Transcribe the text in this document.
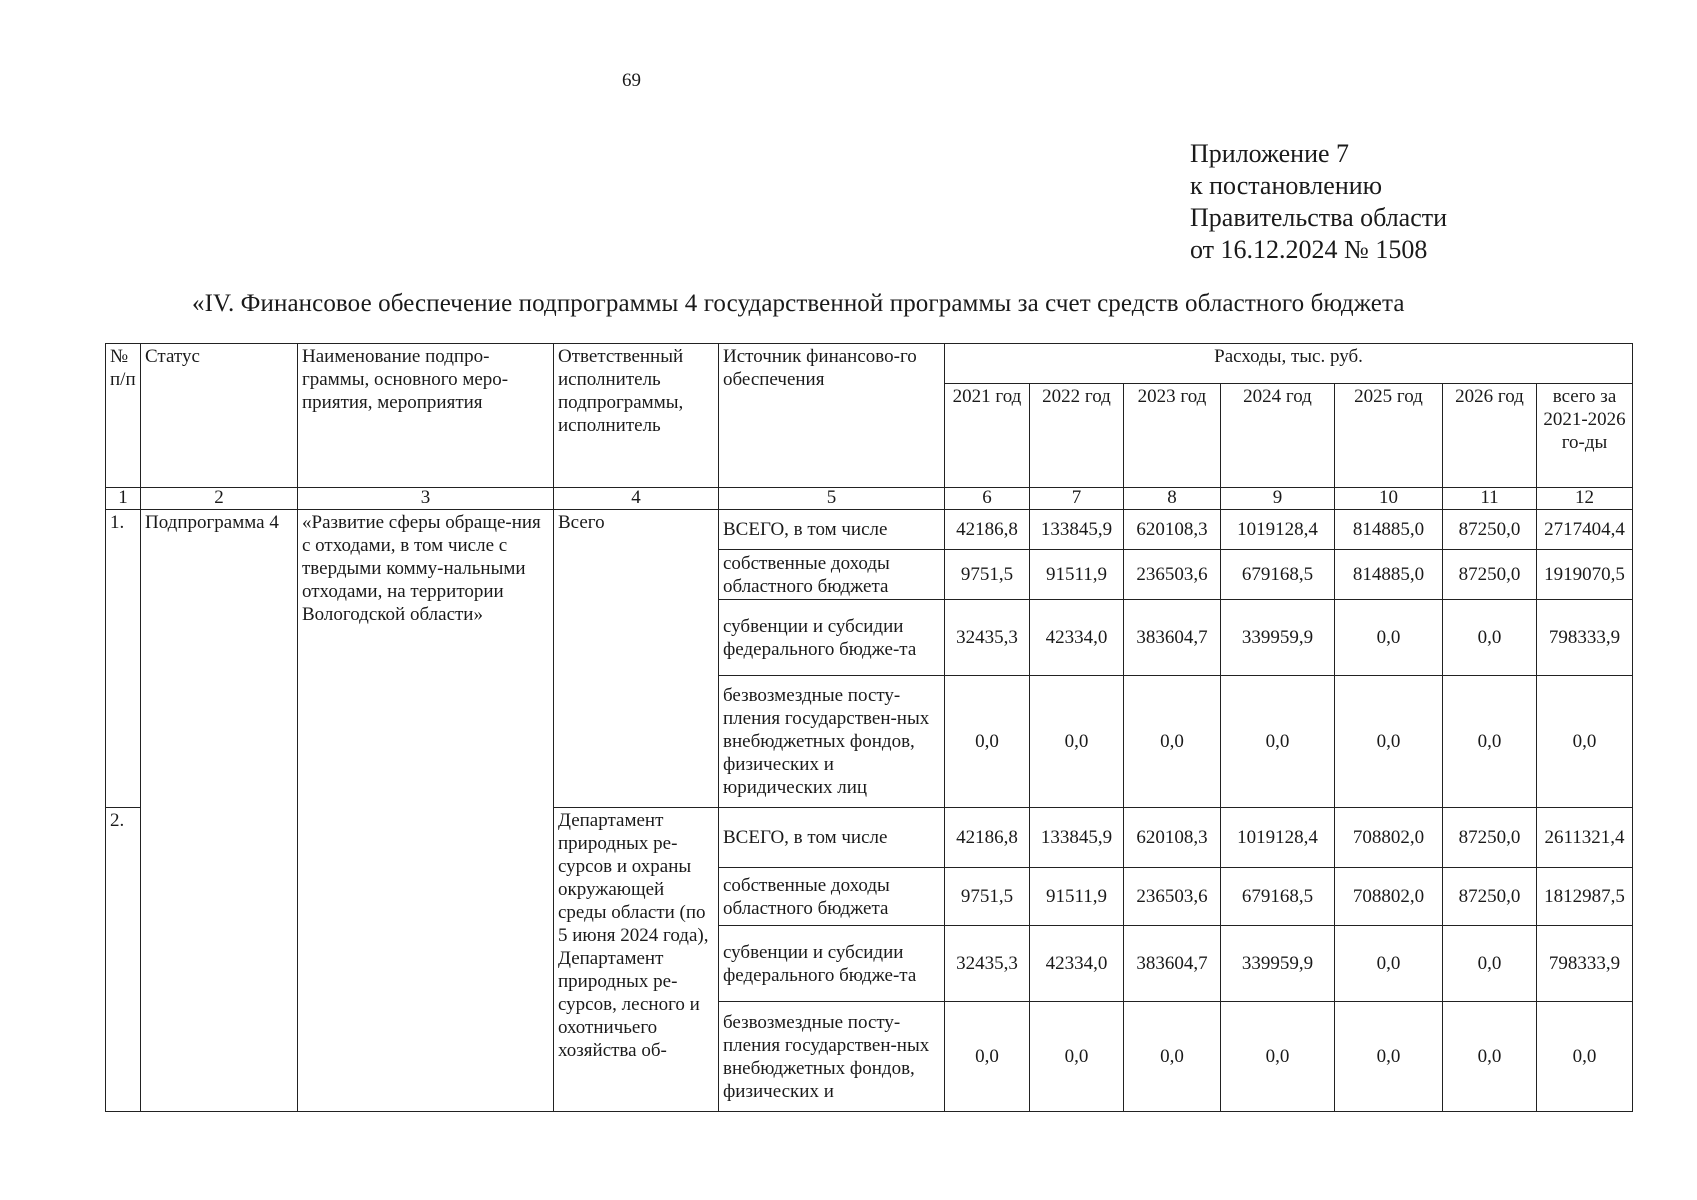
69
Приложение 7
к постановлению
Правительства области
от 16.12.2024 № 1508
«IV. Финансовое обеспечение подпрограммы 4 государственной программы за счет средств областного бюджета
№ п/п	Статус	Наименование подпро-граммы, основного меро-приятия, мероприятия	Ответственный исполнитель подпрограммы, исполнитель	Источник финансово-го обеспечения	Расходы, тыс. руб.						
					2021 год	2022 год	2023 год	2024 год	2025 год	2026 год	всего за 2021-2026 го-ды
1	2	3	4	5	6	7	8	9	10	11	12
1.	Подпрограмма 4	«Развитие сферы обраще-ния с отходами, в том числе с твердыми комму-нальными отходами, на территории Вологодской области»	Всего	ВСЕГО, в том числе	42186,8	133845,9	620108,3	1019128,4	814885,0	87250,0	2717404,4
				собственные доходы областного бюджета	9751,5	91511,9	236503,6	679168,5	814885,0	87250,0	1919070,5
				субвенции и субсидии федерального бюдже-та	32435,3	42334,0	383604,7	339959,9	0,0	0,0	798333,9
				безвозмездные посту-пления государствен-ных внебюджетных фондов, физических и юридических лиц	0,0	0,0	0,0	0,0	0,0	0,0	0,0
2.			Департамент природных ре-сурсов и охраны окружающей среды области (по 5 июня 2024 года), Департамент природных ре-сурсов, лесного и охотничьего хозяйства об-	ВСЕГО, в том числе	42186,8	133845,9	620108,3	1019128,4	708802,0	87250,0	2611321,4
				собственные доходы областного бюджета	9751,5	91511,9	236503,6	679168,5	708802,0	87250,0	1812987,5
				субвенции и субсидии федерального бюдже-та	32435,3	42334,0	383604,7	339959,9	0,0	0,0	798333,9
				безвозмездные посту-пления государствен-ных внебюджетных фондов, физических и	0,0	0,0	0,0	0,0	0,0	0,0	0,0
